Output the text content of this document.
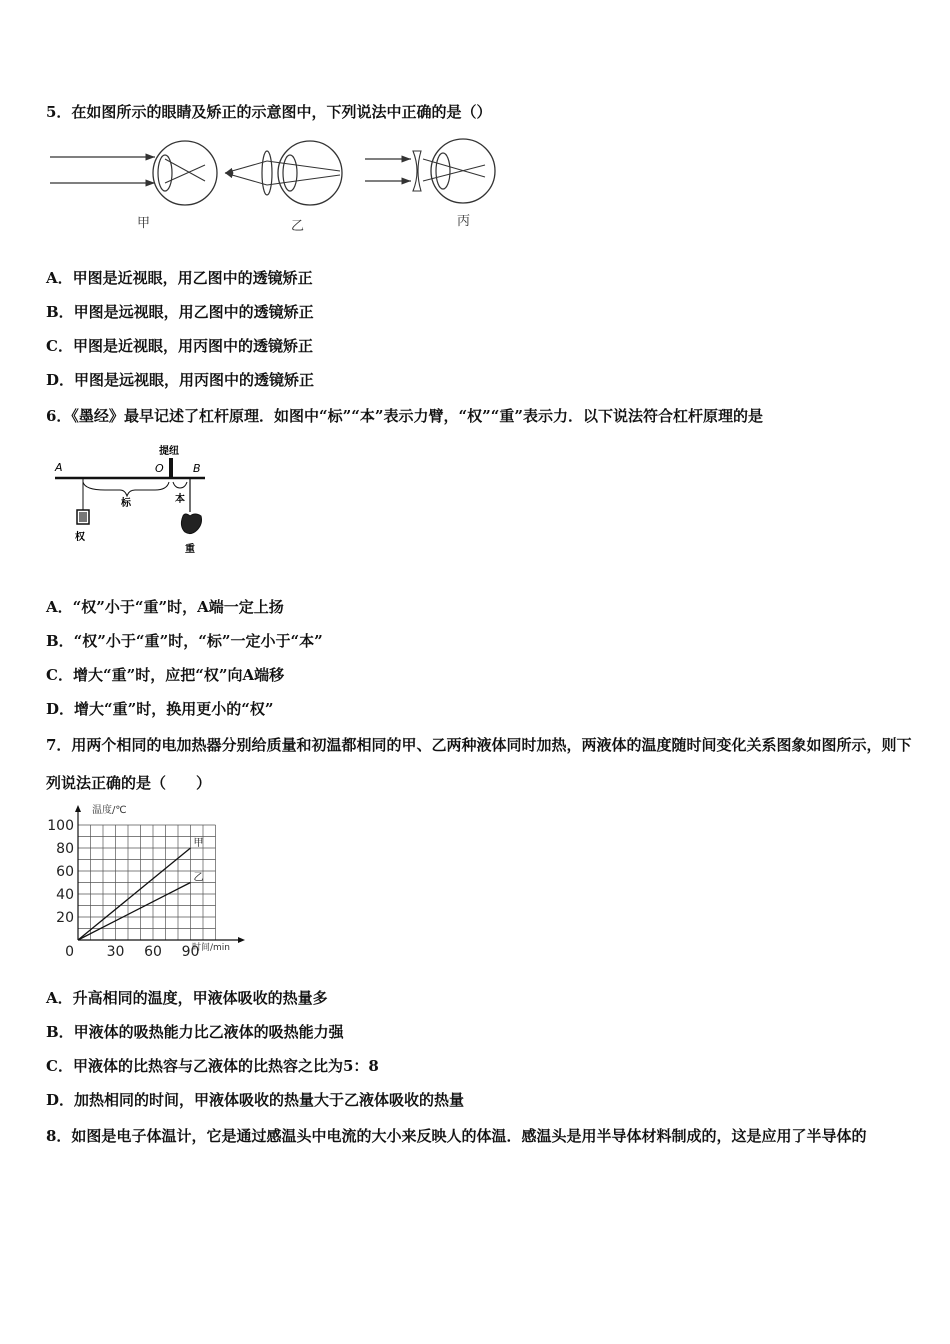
5．在如图所示的眼睛及矫正的示意图中，下列说法中正确的是（）
甲	乙	丙
A．甲图是近视眼，用乙图中的透镜矫正
B．甲图是远视眼，用乙图中的透镜矫正
C．甲图是近视眼，用丙图中的透镜矫正
D．甲图是远视眼，用丙图中的透镜矫正
6．《墨经》最早记述了杠杆原理．如图中“标”“本”表示力臂，“权”“重”表示力．以下说法符合杠杆原理的是
提纽
A	O	B
标	本
权
重
A．“权”小于“重”时，A端一定上扬
B．“权”小于“重”时，“标”一定小于“本”
C．增大“重”时，应把“权”向A端移
D．增大“重”时，换用更小的“权”
7．用两个相同的电加热器分别给质量和初温都相同的甲、乙两种液体同时加热，两液体的温度随时间变化关系图象如图所示，则下列说法正确的是（　　）
20
40
60
80
100
0 30 60 90
甲
乙
温度/℃
时间/min
A．升高相同的温度，甲液体吸收的热量多
B．甲液体的吸热能力比乙液体的吸热能力强
C．甲液体的比热容与乙液体的比热容之比为5：8
D．加热相同的时间，甲液体吸收的热量大于乙液体吸收的热量
8．如图是电子体温计，它是通过感温头中电流的大小来反映人的体温．感温头是用半导体材料制成的，这是应用了半导体的
